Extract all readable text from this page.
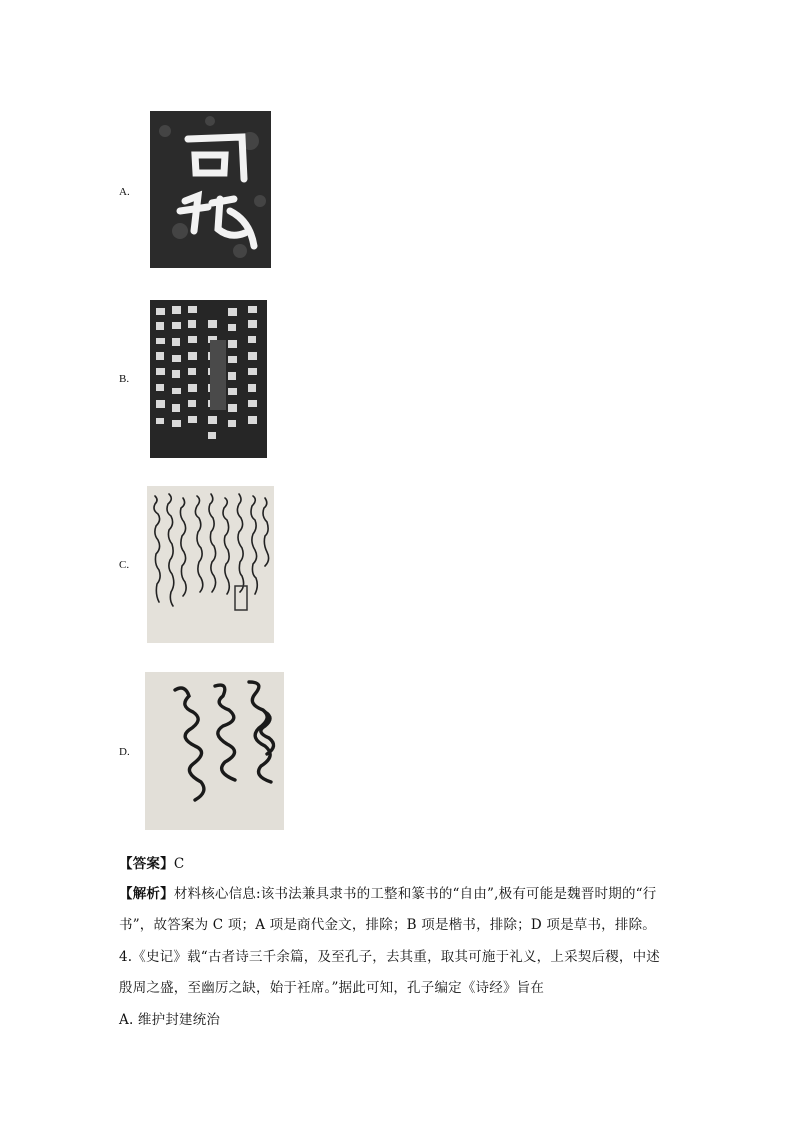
A.
B.
C.
D.
【答案】C
【解析】材料核心信息:该书法兼具隶书的工整和篆书的“自由”,极有可能是魏晋时期的“行
书”，故答案为 C 项；A 项是商代金文，排除；B 项是楷书，排除；D 项是草书，排除。
4.《史记》载“古者诗三千余篇，及至孔子，去其重，取其可施于礼义，上采契后稷，中述
殷周之盛，至幽厉之缺，始于衽席。”据此可知，孔子编定《诗经》旨在
A. 维护封建统治
